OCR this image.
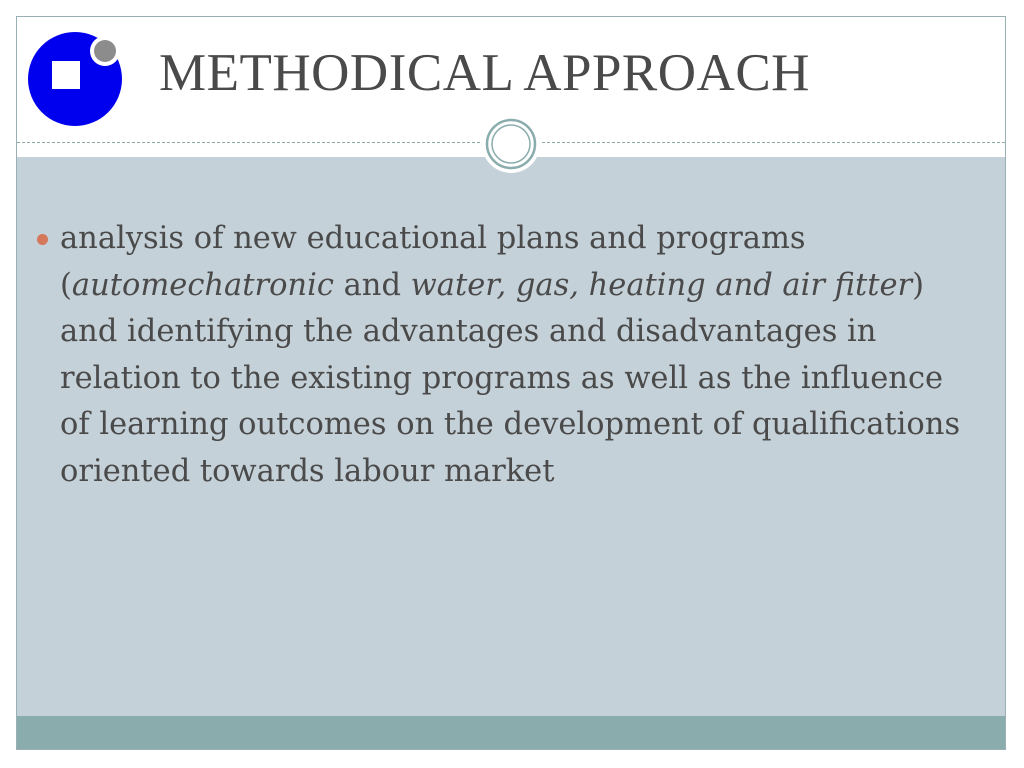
METHODICAL APPROACH
analysis of new educational plans and programs (automechatronic and water, gas, heating and air fitter) and identifying the advantages and disadvantages in relation to the existing programs as well as the influence of learning outcomes on the development of qualifications oriented towards labour market
